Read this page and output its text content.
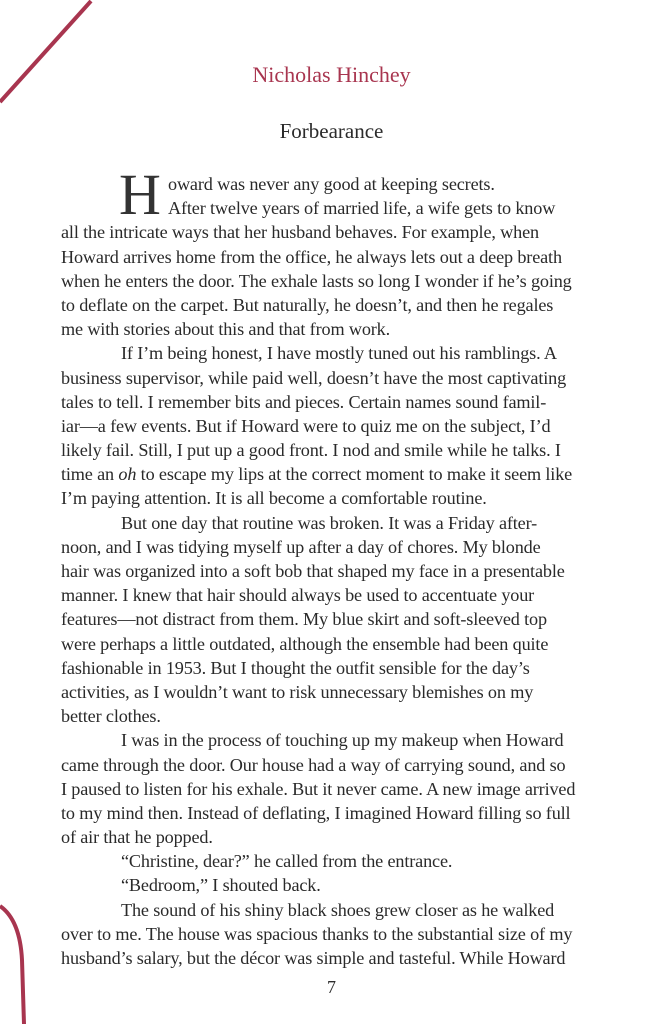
Nicholas Hinchey
Forbearance
H oward was never any good at keeping secrets.
After twelve years of married life, a wife gets to know
all the intricate ways that her husband behaves. For example, when
Howard arrives home from the office, he always lets out a deep breath
when he enters the door. The exhale lasts so long I wonder if he’s going
to deflate on the carpet. But naturally, he doesn’t, and then he regales
me with stories about this and that from work.
If I’m being honest, I have mostly tuned out his ramblings. A
business supervisor, while paid well, doesn’t have the most captivating
tales to tell. I remember bits and pieces. Certain names sound famil-
iar—a few events. But if Howard were to quiz me on the subject, I’d
likely fail. Still, I put up a good front. I nod and smile while he talks. I
time an oh to escape my lips at the correct moment to make it seem like
I’m paying attention. It is all become a comfortable routine.
But one day that routine was broken. It was a Friday after-
noon, and I was tidying myself up after a day of chores. My blonde
hair was organized into a soft bob that shaped my face in a presentable
manner. I knew that hair should always be used to accentuate your
features—not distract from them. My blue skirt and soft-sleeved top
were perhaps a little outdated, although the ensemble had been quite
fashionable in 1953. But I thought the outfit sensible for the day’s
activities, as I wouldn’t want to risk unnecessary blemishes on my
better clothes.
I was in the process of touching up my makeup when Howard
came through the door. Our house had a way of carrying sound, and so
I paused to listen for his exhale. But it never came. A new image arrived
to my mind then. Instead of deflating, I imagined Howard filling so full
of air that he popped.
“Christine, dear?” he called from the entrance.
“Bedroom,” I shouted back.
The sound of his shiny black shoes grew closer as he walked
over to me. The house was spacious thanks to the substantial size of my
husband’s salary, but the décor was simple and tasteful. While Howard
7
